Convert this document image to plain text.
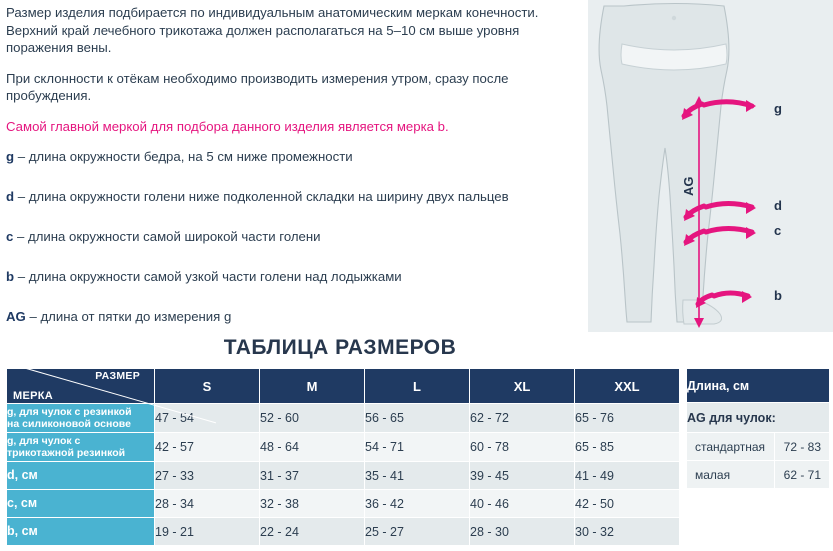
Размер изделия подбирается по индивидуальным анатомическим меркам конечности. Верхний край лечебного трикотажа должен располагаться на 5–10 см выше уровня поражения вены.

При склонности к отёкам необходимо производить измерения утром, сразу после пробуждения.

Самой главной меркой для подбора данного изделия является мерка b.

g – длина окружности бедра, на 5 см ниже промежности

d – длина окружности голени ниже подколенной складки на ширину двух пальцев

c – длина окружности самой широкой части голени

b – длина окружности самой узкой части голени над лодыжками

AG – длина от пятки до измерения g

g
d
c
b
AG
ТАБЛИЦА РАЗМЕРОВ
РАЗМЕР
МЕРКА	S	M	L	XL	XXL
g, для чулок с резинкой
на силиконовой основе	47 - 54	52 - 60	56 - 65	62 - 72	65 - 76
g, для чулок с
трикотажной резинкой	42 - 57	48 - 64	54 - 71	60 - 78	65 - 85
d, см	27 - 33	31 - 37	35 - 41	39 - 45	41 - 49
c, см	28 - 34	32 - 38	36 - 42	40 - 46	42 - 50
b, см	19 - 21	22 - 24	25 - 27	28 - 30	30 - 32
Длина, см	
AG для чулок:	
стандартная	72 - 83
малая	62 - 71
